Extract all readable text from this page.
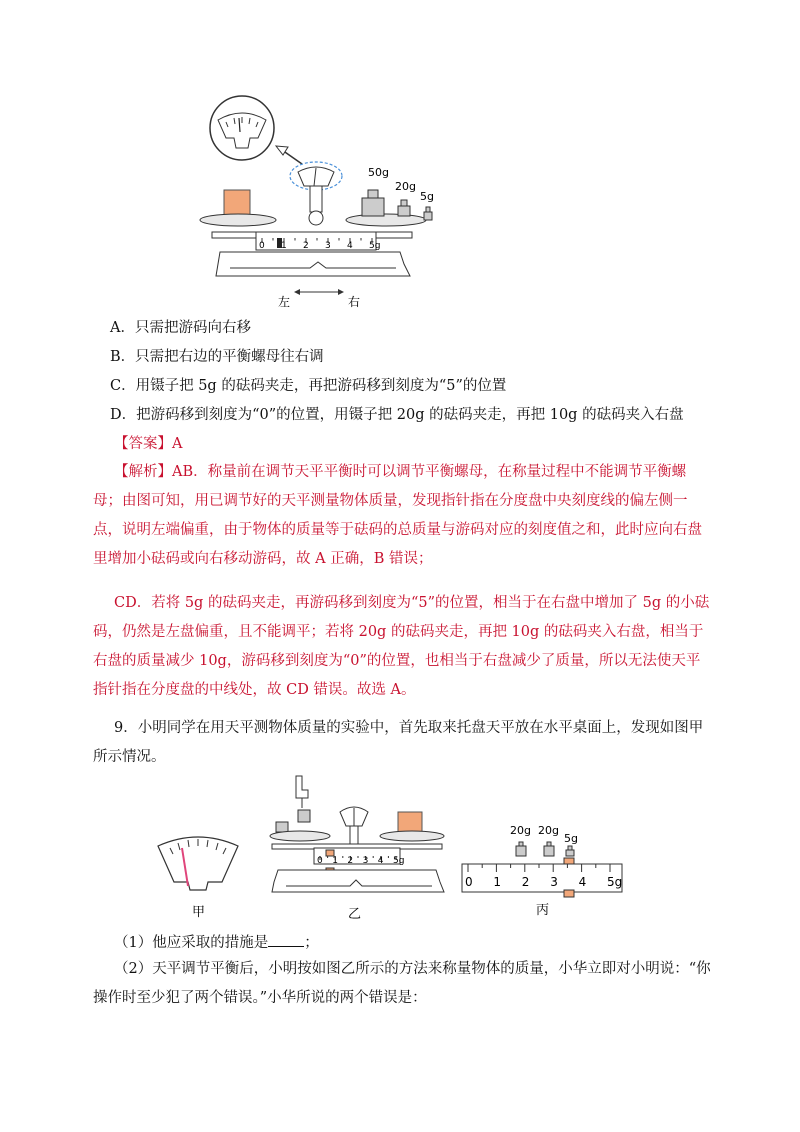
50g
20g
0 1 2 3 4 5g
左	右
5g
A．只需把游码向右移
B．只需把右边的平衡螺母往右调
C．用镊子把 5g 的砝码夹走，再把游码移到刻度为“5”的位置
D．把游码移到刻度为“0”的位置，用镊子把 20g 的砝码夹走，再把 10g 的砝码夹入右盘
【答案】A
【解析】AB．称量前在调节天平平衡时可以调节平衡螺母，在称量过程中不能调节平衡螺母；由图可知，用已调节好的天平测量物体质量，发现指针指在分度盘中央刻度线的偏左侧一点，说明左端偏重，由于物体的质量等于砝码的总质量与游码对应的刻度值之和，此时应向右盘里增加小砝码或向右移动游码，故 A 正确，B 错误；
CD．若将 5g 的砝码夹走，再游码移到刻度为“5”的位置，相当于在右盘中增加了 5g 的小砝码，仍然是左盘偏重，且不能调平；若将 20g 的砝码夹走，再把 10g 的砝码夹入右盘，相当于右盘的质量减少 10g，游码移到刻度为“0”的位置，也相当于右盘减少了质量，所以无法使天平指针指在分度盘的中线处，故 CD 错误。故选 A。
9．小明同学在用天平测物体质量的实验中，首先取来托盘天平放在水平桌面上，发现如图甲所示情况。
甲
0 1 2 3 4 5g
乙
20g 20g
5g
0 1 2 3 4 5g
丙
（1）他应采取的措施是 ；
（2）天平调节平衡后，小明按如图乙所示的方法来称量物体的质量，小华立即对小明说：“你操作时至少犯了两个错误。”小华所说的两个错误是：
